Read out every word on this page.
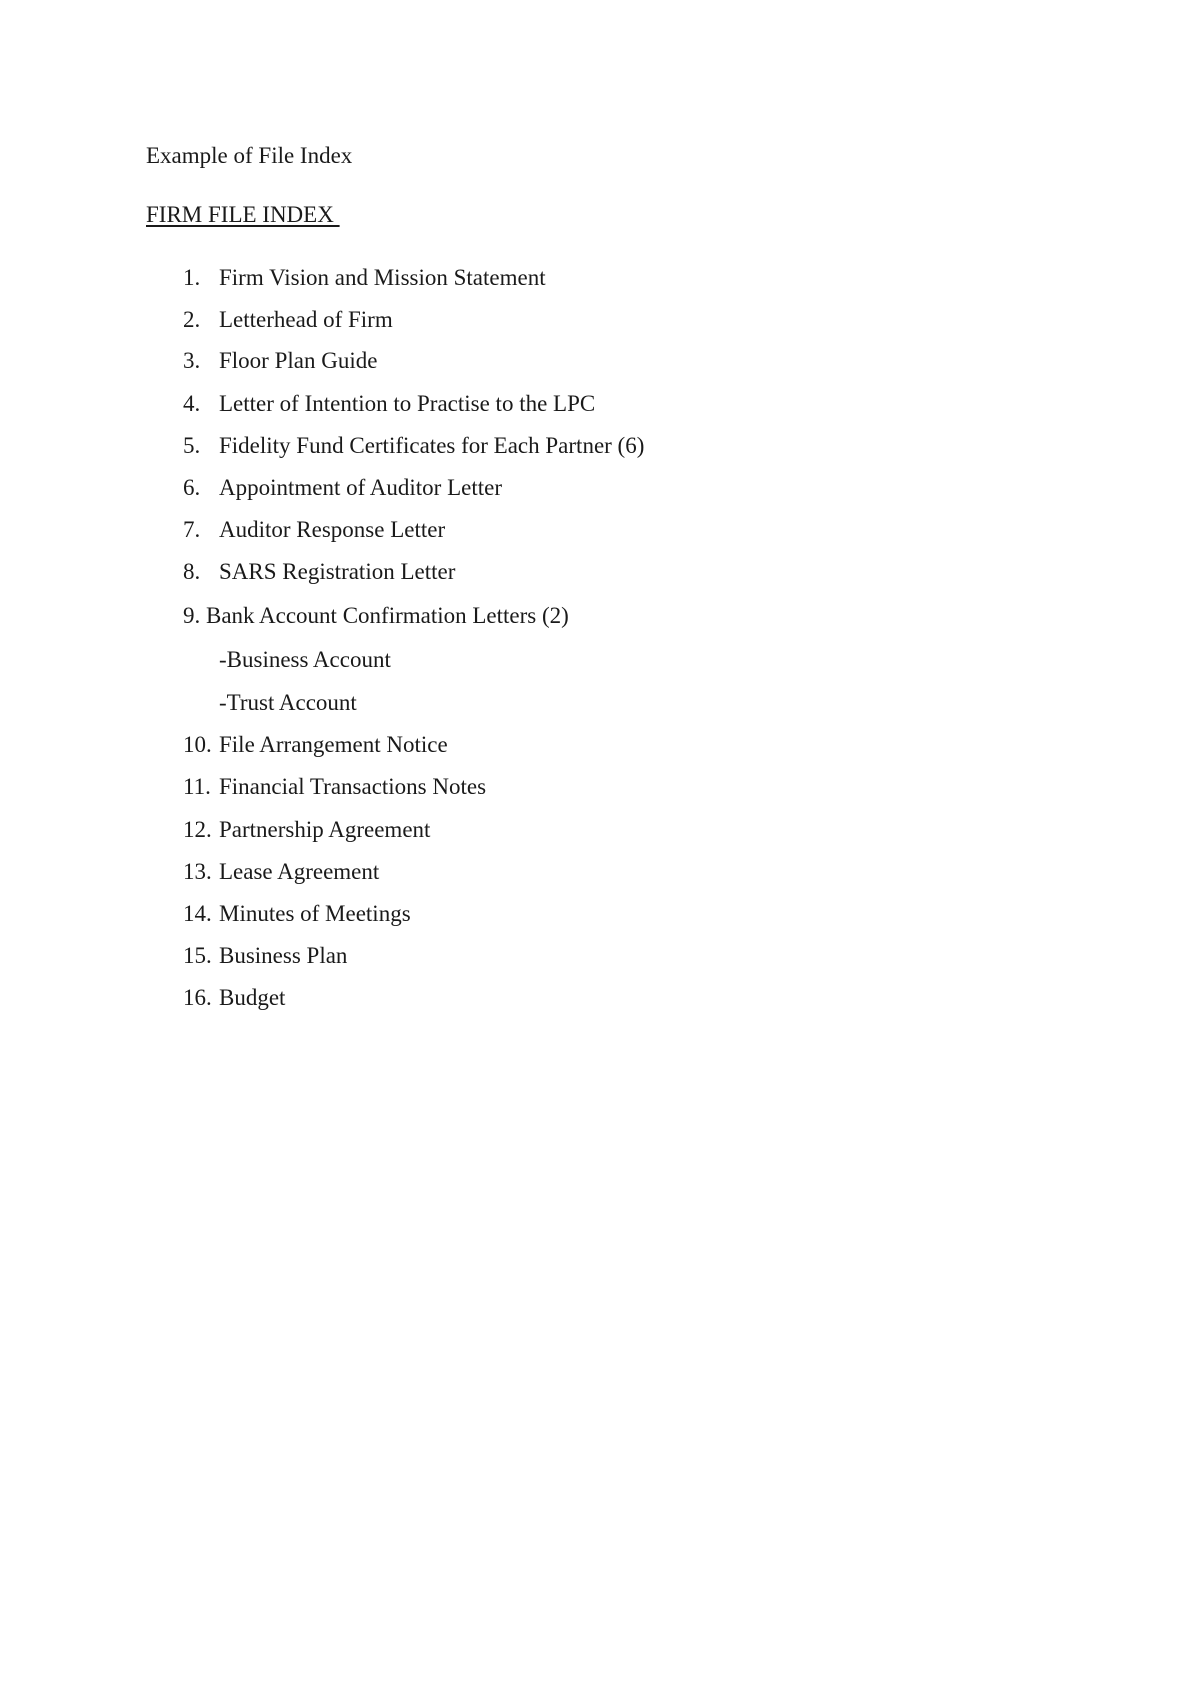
Example of File Index
FIRM FILE INDEX
1. Firm Vision and Mission Statement
2. Letterhead of Firm
3. Floor Plan Guide
4. Letter of Intention to Practise to the LPC
5. Fidelity Fund Certificates for Each Partner (6)
6. Appointment of Auditor Letter
7. Auditor Response Letter
8. SARS Registration Letter
9. Bank Account Confirmation Letters (2)
-Business Account
-Trust Account
10. File Arrangement Notice
11. Financial Transactions Notes
12. Partnership Agreement
13. Lease Agreement
14. Minutes of Meetings
15. Business Plan
16. Budget
